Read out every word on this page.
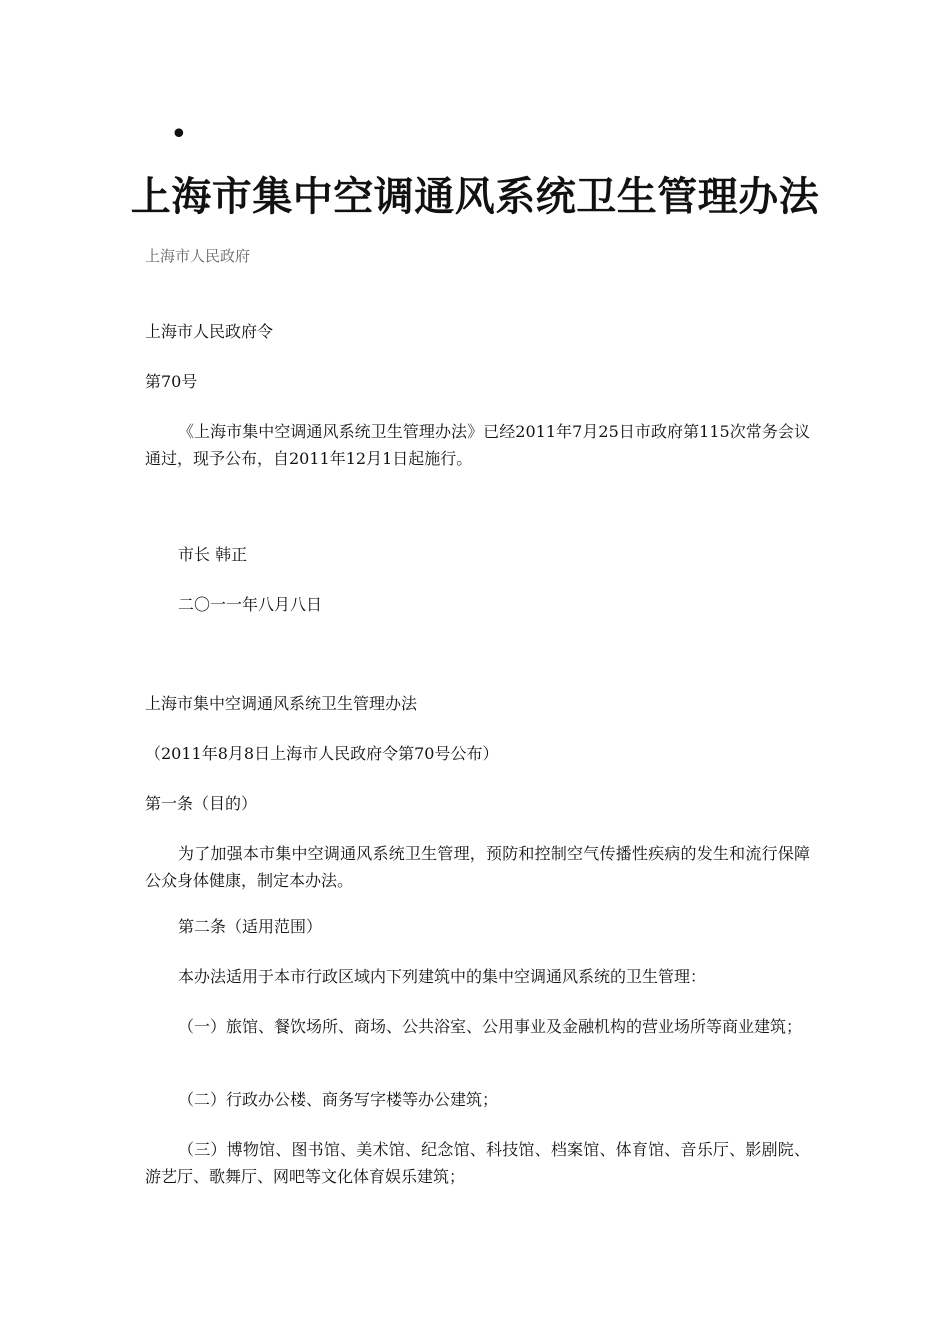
•
上海市集中空调通风系统卫生管理办法
上海市人民政府
上海市人民政府令
第70号
《上海市集中空调通风系统卫生管理办法》已经2011年7月25日市政府第115次常务会议通过，现予公布，自2011年12月1日起施行。
市长 韩正
二〇一一年八月八日
上海市集中空调通风系统卫生管理办法
（2011年8月8日上海市人民政府令第70号公布）
第一条（目的）
为了加强本市集中空调通风系统卫生管理，预防和控制空气传播性疾病的发生和流行保障公众身体健康，制定本办法。
第二条（适用范围）
本办法适用于本市行政区域内下列建筑中的集中空调通风系统的卫生管理：
（一）旅馆、餐饮场所、商场、公共浴室、公用事业及金融机构的营业场所等商业建筑；
（二）行政办公楼、商务写字楼等办公建筑；
（三）博物馆、图书馆、美术馆、纪念馆、科技馆、档案馆、体育馆、音乐厅、影剧院、游艺厅、歌舞厅、网吧等文化体育娱乐建筑；
